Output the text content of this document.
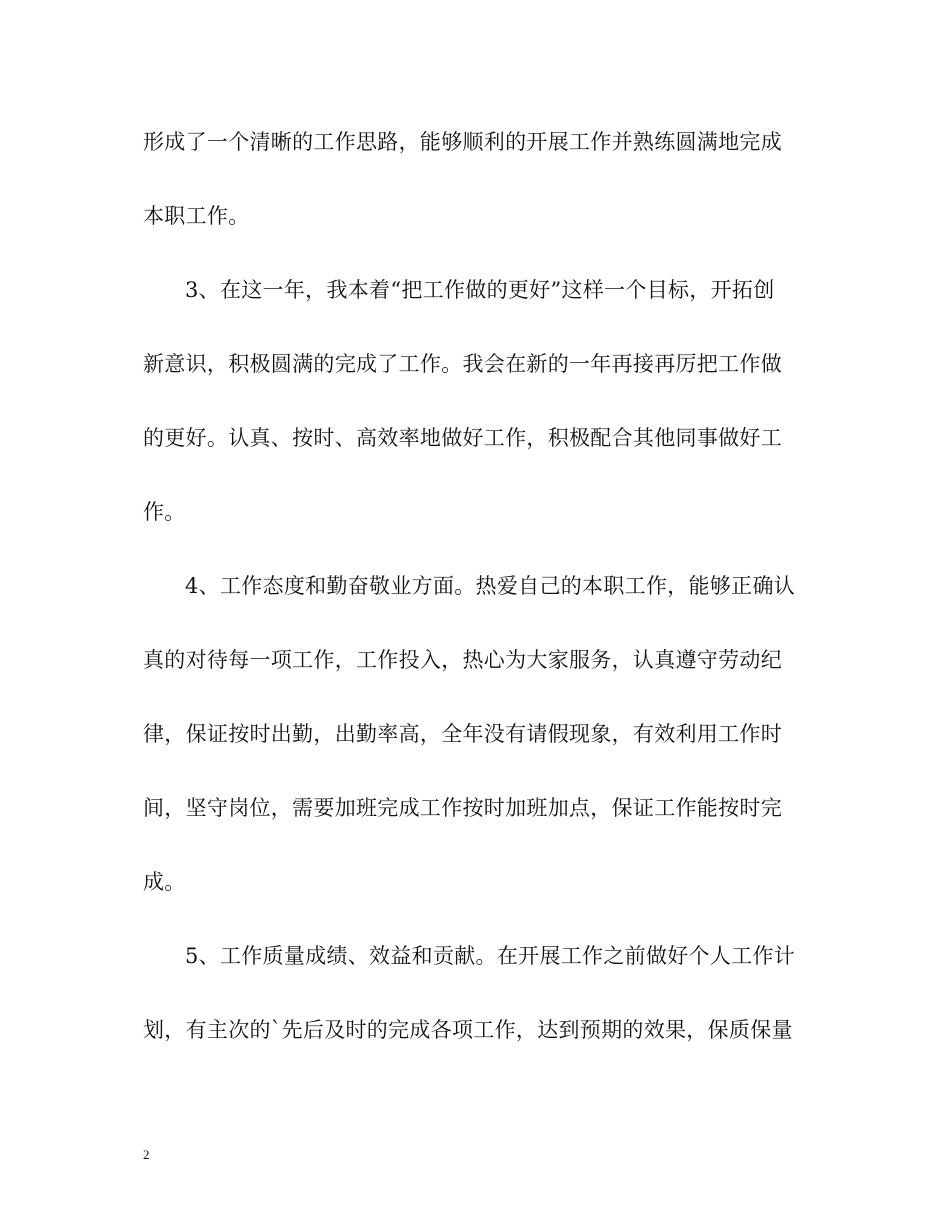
形成了一个清晰的工作思路，能够顺利的开展工作并熟练圆满地完成
本职工作。
3、在这一年，我本着“把工作做的更好”这样一个目标，开拓创
新意识，积极圆满的完成了工作。我会在新的一年再接再厉把工作做
的更好。认真、按时、高效率地做好工作，积极配合其他同事做好工
作。
4、工作态度和勤奋敬业方面。热爱自己的本职工作，能够正确认
真的对待每一项工作，工作投入，热心为大家服务，认真遵守劳动纪
律，保证按时出勤，出勤率高，全年没有请假现象，有效利用工作时
间，坚守岗位，需要加班完成工作按时加班加点，保证工作能按时完
成。
5、工作质量成绩、效益和贡献。在开展工作之前做好个人工作计
划，有主次的`先后及时的完成各项工作，达到预期的效果，保质保量
2
